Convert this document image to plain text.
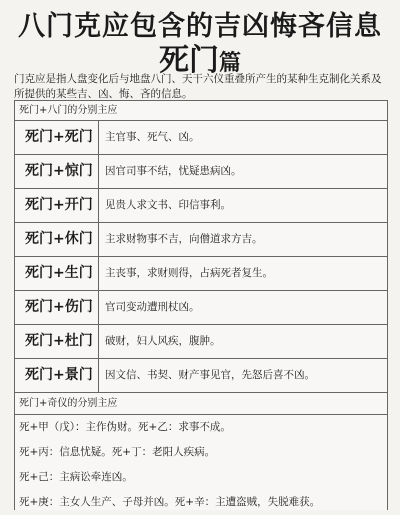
八门克应包含的吉凶悔吝信息
死门篇
门克应是指人盘变化后与地盘八门、天干六仪重叠所产生的某种生克制化关系及所提供的某些吉、凶、悔、吝的信息。
死门+八门的分别主应
死门+死门	主官事、死气、凶。
死门+惊门	因官司事不结，忧疑患病凶。
死门+开门	见贵人求文书、印信事利。
死门+休门	主求财物事不吉，向僧道求方吉。
死门+生门	主丧事，求财则得，占病死者复生。
死门+伤门	官司变动遭刑杖凶。
死门+杜门	破财，妇人风疾，腹肿。
死门+景门	因文信、书契、财产事见官，先怒后喜不凶。
死门+奇仪的分别主应
死+甲（戊）：主作伪财。死+乙：求事不成。
死+丙：信息忧疑。死+丁：老阳人疾病。
死+己：主病讼牵连凶。
死+庚：主女人生产、子母并凶。死+辛：主遭盗贼，失脱难获。
